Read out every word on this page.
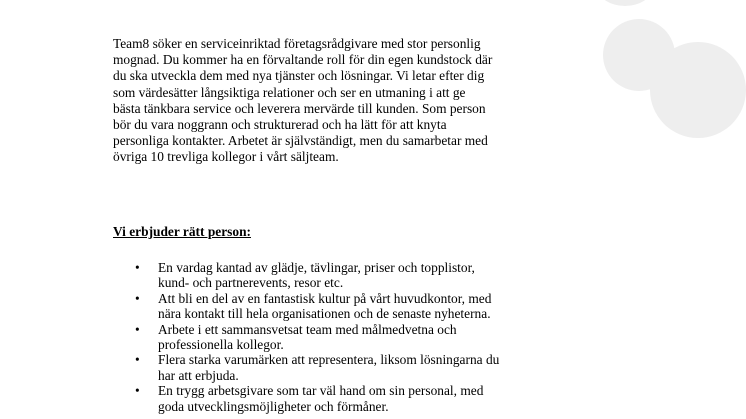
Team8 söker en serviceinriktad företagsrådgivare med stor personlig
mognad. Du kommer ha en förvaltande roll för din egen kundstock där
du ska utveckla dem med nya tjänster och lösningar. Vi letar efter dig
som värdesätter långsiktiga relationer och ser en utmaning i att ge
bästa tänkbara service och leverera mervärde till kunden. Som person
bör du vara noggrann och strukturerad och ha lätt för att knyta
personliga kontakter. Arbetet är självständigt, men du samarbetar med
övriga 10 trevliga kollegor i vårt säljteam.

Vi erbjuder rätt person:

• En vardag kantad av glädje, tävlingar, priser och topplistor,
kund- och partnerevents, resor etc.
• Att bli en del av en fantastisk kultur på vårt huvudkontor, med
nära kontakt till hela organisationen och de senaste nyheterna.
• Arbete i ett sammansvetsat team med målmedvetna och
professionella kollegor.
• Flera starka varumärken att representera, liksom lösningarna du
har att erbjuda.
• En trygg arbetsgivare som tar väl hand om sin personal, med
goda utvecklingsmöjligheter och förmåner.
